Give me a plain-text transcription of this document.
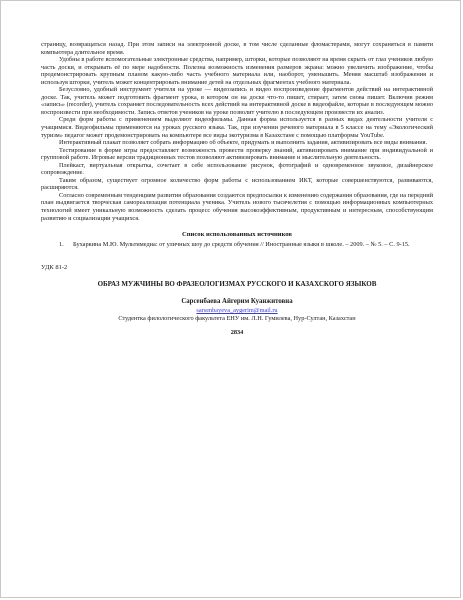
страницу, возвращаться назад. При этом записи на электронной доске, в том числе сделанные фломастерами, могут сохраняться в памяти компьютера длительное время.

Удобны в работе вспомогательные электронные средства, например, шторки, которые позволяют на время скрыть от глаз учеников любую часть доски, и открывать её по мере надобности. Полезна возможность изменения размеров экрана: можно увеличить изображение, чтобы продемонстрировать крупным планом какую-либо часть учебного материала или, наоборот, уменьшить. Меняя масштаб изображения и используя шторки, учитель может концентрировать внимание детей на отдельных фрагментах учебного материала.

Безусловно, удобный инструмент учителя на уроке — видеозапись и видео воспроизведение фрагментов действий на интерактивной доске. Так, учитель может подготовить фрагмент урока, в котором он на доске что-то пишет, стирает, затем снова пишет. Включив режим «запись» (recorder), учитель сохраняет последовательность всех действий на интерактивной доске в видеофайле, которые в последующем можно воспроизвести при необходимости. Запись ответов учеников на уроке позволит учителю в последующем произвести их анализ.

Среди форм работы с применением выделяют видеофильмы. Данная форма используется в разных видах деятельности учителя с учащимися. Видеофильмы применяются на уроках русского языка. Так, при изучении речевого материала в 5 классе на тему «Экологический туризм» педагог может продемонстрировать на компьютере все виды экотуризма в Казахстане с помощью платформы YouTube.

Интерактивный плакат позволяет собрать информацию об объекте, придумать и выполнить задания, активизировать все виды внимания.

Тестирование в форме игры предоставляет возможность провести проверку знаний, активизировать внимание при индивидуальной и групповой работе. Игровые версии традиционных тестов позволяют активизировать внимание и мыслительную деятельность.

Плейкаст, виртуальная открытка, сочетает в себе использование рисунок, фотографий и одновременное звуковое, дизайнерское сопровождение.

Таким образом, существует огромное количество форм работы с использованием ИКТ, которые совершенствуются, развиваются, расширяются.

Согласно современным тенденциям развития образования создаются предпосылки к изменению содержания образования, где на передний план выдвигается творческая самореализация потенциала ученика. Учитель нового тысячелетия с помощью информационных компьютерных технологий имеет уникальную возможность сделать процесс обучения высокоэффективным, продуктивным и интересным, способствующим развитию и социализации учащихся.

Список использованных источников
1.	Бухаркина М.Ю. Мультимедиа: от уличных шоу до средств обучения // Иностранные языки в школе. – 2009. – № 5. – С. 9-15.
УДК 81-2
ОБРАЗ МУЖЧИНЫ ВО ФРАЗЕОЛОГИЗМАХ РУССКОГО И КАЗАХСКОГО ЯЗЫКОВ
Сарсенбаева Айгерим Куанжитовна
sarsenbayeva_aygerim@mail.ru
Студентка филологического факультета ЕНУ им. Л.Н. Гумилева, Нур-Султан, Казахстан
2834
